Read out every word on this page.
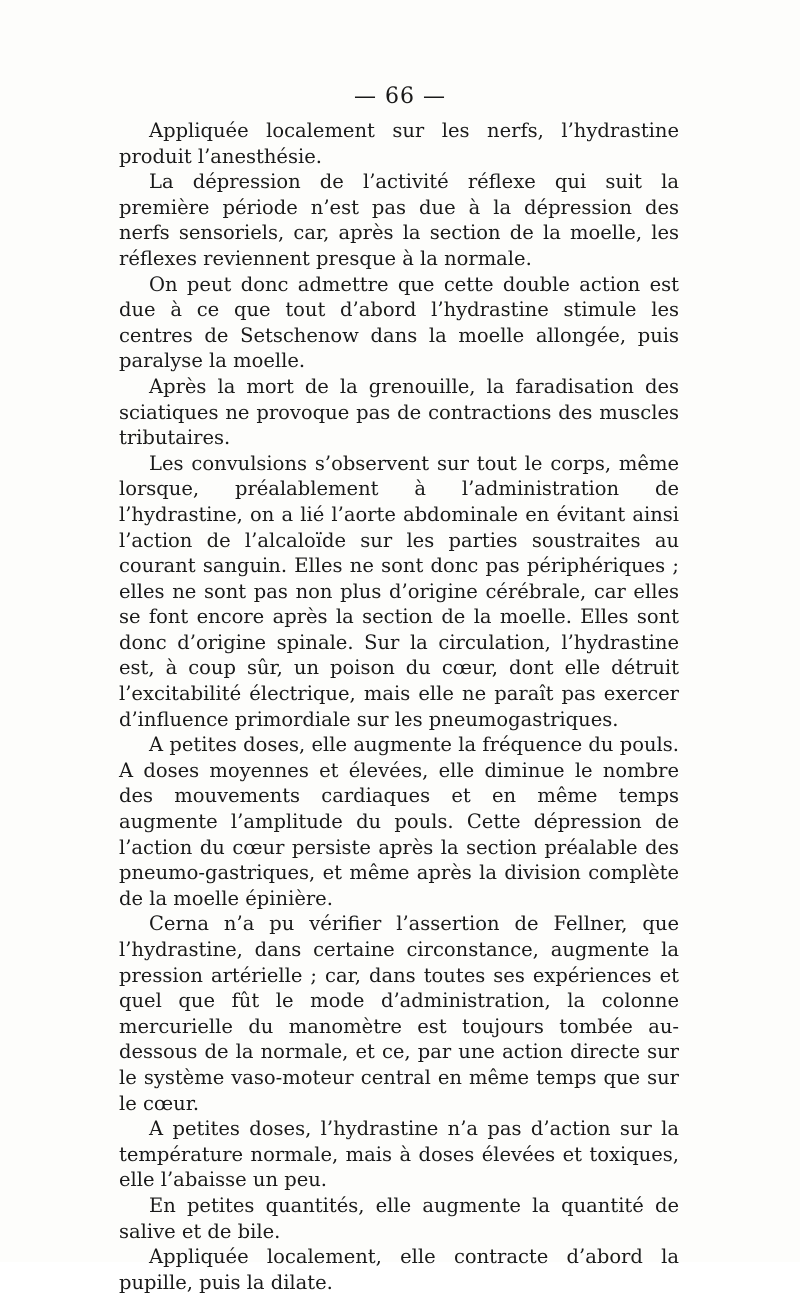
— 66 —

Appliquée localement sur les nerfs, l’hydrastine produit l’anesthésie.

La dépression de l’activité réflexe qui suit la première période n’est pas due à la dépression des nerfs sensoriels, car, après la section de la moelle, les réflexes reviennent presque à la normale.

On peut donc admettre que cette double action est due à ce que tout d’abord l’hydrastine stimule les centres de Setschenow dans la moelle allongée, puis paralyse la moelle.

Après la mort de la grenouille, la faradisation des sciatiques ne provoque pas de contractions des muscles tributaires.

Les convulsions s’observent sur tout le corps, même lorsque, préalablement à l’administration de l’hydrastine, on a lié l’aorte abdominale en évitant ainsi l’action de l’alcaloïde sur les parties soustraites au courant sanguin. Elles ne sont donc pas périphériques ; elles ne sont pas non plus d’origine cérébrale, car elles se font encore après la section de la moelle. Elles sont donc d’origine spinale. Sur la circulation, l’hydrastine est, à coup sûr, un poison du cœur, dont elle détruit l’excitabilité électrique, mais elle ne paraît pas exercer d’influence primordiale sur les pneumogastriques.

A petites doses, elle augmente la fréquence du pouls. A doses moyennes et élevées, elle diminue le nombre des mouvements cardiaques et en même temps augmente l’amplitude du pouls. Cette dépression de l’action du cœur persiste après la section préalable des pneumo-gastriques, et même après la division complète de la moelle épinière.

Cerna n’a pu vérifier l’assertion de Fellner, que l’hydrastine, dans certaine circonstance, augmente la pression artérielle ; car, dans toutes ses expériences et quel que fût le mode d’administration, la colonne mercurielle du manomètre est toujours tombée au-dessous de la normale, et ce, par une action directe sur le système vaso-moteur central en même temps que sur le cœur.

A petites doses, l’hydrastine n’a pas d’action sur la température normale, mais à doses élevées et toxiques, elle l’abaisse un peu.

En petites quantités, elle augmente la quantité de salive et de bile.

Appliquée localement, elle contracte d’abord la pupille, puis la dilate.
